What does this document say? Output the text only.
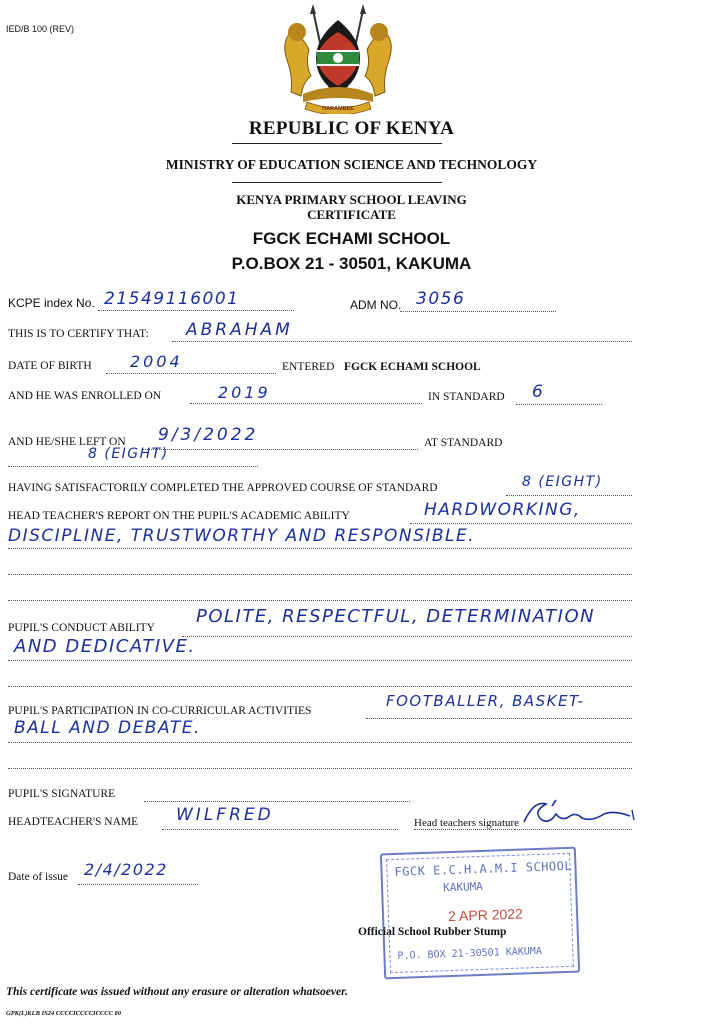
IED/B 100 (REV)
HARAMBEE
REPUBLIC OF KENYA
MINISTRY OF EDUCATION SCIENCE AND TECHNOLOGY
KENYA PRIMARY SCHOOL LEAVING
CERTIFICATE
FGCK ECHAMI SCHOOL
P.O.BOX 21 - 30501, KAKUMA
KCPE index No. 21549116001	ADM NO. 3056
THIS IS TO CERTIFY THAT: ABRAHAM
DATE OF BIRTH 2004	ENTERED FGCK ECHAMI SCHOOL
AND HE WAS ENROLLED ON	2019	IN STANDARD 6
AND HE/SHE LEFT ON 9/3/2022	AT STANDARD
8 (EIGHT)
HAVING SATISFACTORILY COMPLETED THE APPROVED COURSE OF STANDARD	8 (EIGHT)
HEAD TEACHER'S REPORT ON THE PUPIL'S ACADEMIC ABILITY	HARDWORKING,
DISCIPLINE, TRUSTWORTHY AND RESPONSIBLE.
PUPIL'S CONDUCT ABILITY
POLITE, RESPECTFUL, DETERMINATION
AND DEDICATIVE.
PUPIL'S PARTICIPATION IN CO-CURRICULAR ACTIVITIES
FOOTBALLER, BASKET-
BALL AND DEBATE.
PUPIL'S SIGNATURE
HEADTEACHER'S NAME WILFRED	Head teachers signature
Date of issue 2/4/2022	FGCK E.C.H.A.M.I SCHOOL
KAKUMA
2 APR 2022
P.O. BOX 21-30501 KAKUMA
Official School Rubber Stump
This certificate was issued without any erasure or alteration whatsoever.
GPK(L)KLB IS24 CCCCICCCCICCCC 80
